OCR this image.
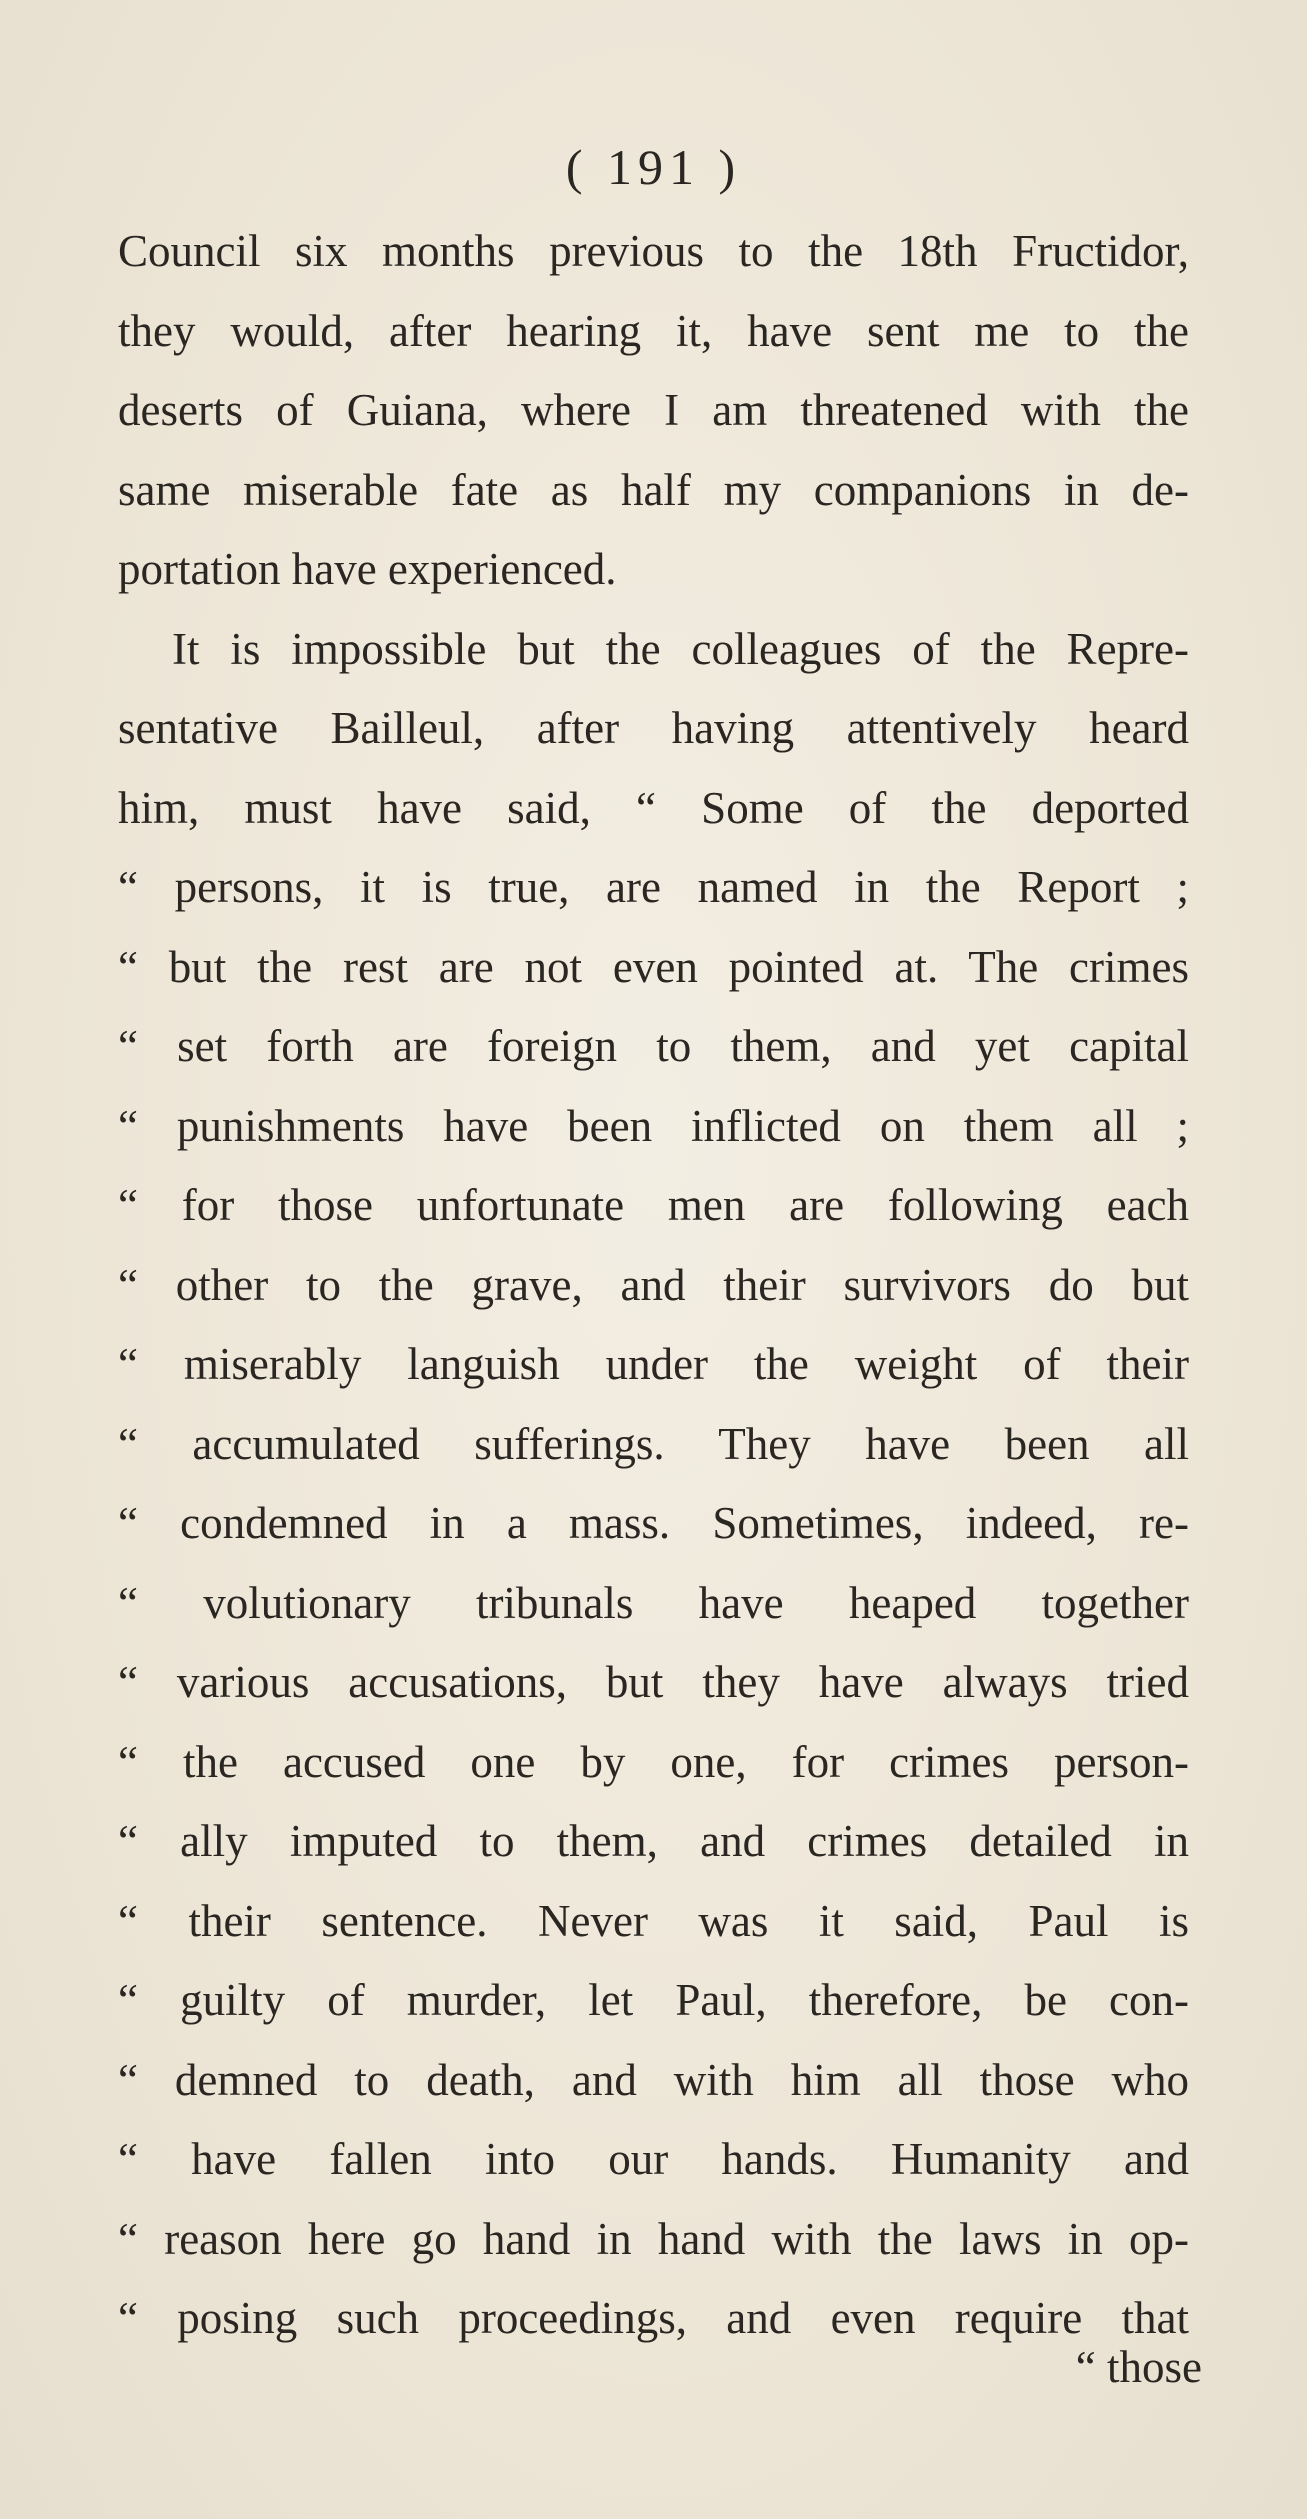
( 191 )
Council six months previous to the 18th Fructidor,
they would, after hearing it, have sent me to the
deserts of Guiana, where I am threatened with the
same miserable fate as half my companions in de-
portation have experienced.
It is impossible but the colleagues of the Repre-
sentative Bailleul, after having attentively heard
him, must have said, “ Some of the deported
“ persons, it is true, are named in the Report ;
“ but the rest are not even pointed at. The crimes
“ set forth are foreign to them, and yet capital
“ punishments have been inflicted on them all ;
“ for those unfortunate men are following each
“ other to the grave, and their survivors do but
“ miserably languish under the weight of their
“ accumulated sufferings. They have been all
“ condemned in a mass. Sometimes, indeed, re-
“ volutionary tribunals have heaped together
“ various accusations, but they have always tried
“ the accused one by one, for crimes person-
“ ally imputed to them, and crimes detailed in
“ their sentence. Never was it said, Paul is
“ guilty of murder, let Paul, therefore, be con-
“ demned to death, and with him all those who
“ have fallen into our hands. Humanity and
“ reason here go hand in hand with the laws in op-
“ posing such proceedings, and even require that
“ those
